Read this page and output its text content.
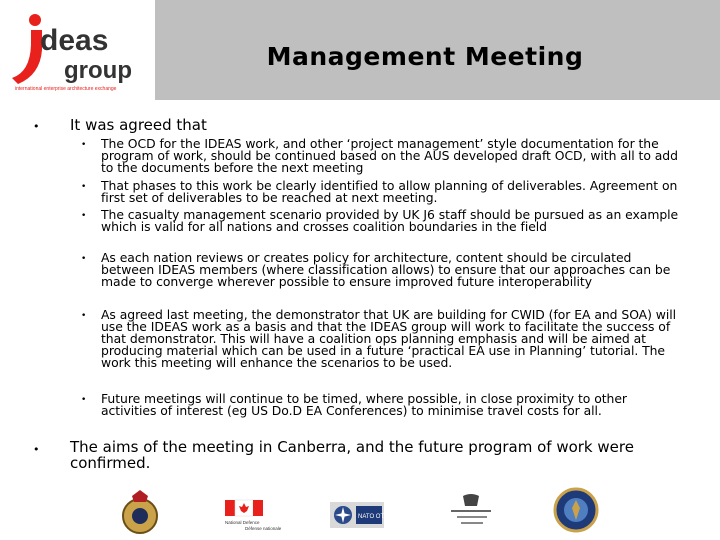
deas
group
international enterprise architecture exchange
Management Meeting
• It was agreed that
• The OCD for the IDEAS work, and other ‘project management’ style documentation for the program of work, should be continued based on the AUS developed draft OCD, with all to add to the documents before the next meeting
• That phases to this work be clearly identified to allow planning of deliverables. Agreement on first set of deliverables to be reached at next meeting.
• The casualty management scenario provided by UK J6 staff should be pursued as an example which is valid for all nations and crosses coalition boundaries in the field
• As each nation reviews or creates policy for architecture, content should be circulated between IDEAS members (where classification allows) to ensure that our approaches can be made to converge wherever possible to ensure improved future interoperability
• As agreed last meeting, the demonstrator that UK are building for CWID (for EA and SOA) will use the IDEAS work as a basis and that the IDEAS group will work to facilitate the success of that demonstrator. This will have a coalition ops planning emphasis and will be aimed at producing material which can be used in a future ‘practical EA use in Planning’ tutorial. The work this meeting will enhance the scenarios to be used.
• Future meetings will continue to be timed, where possible, in close proximity to other activities of interest (eg US Do.D EA Conferences) to minimise travel costs for all.
• The aims of the meeting in Canberra, and the future program of work were confirmed.
National Defence
Défense nationale
NATO OTAN
